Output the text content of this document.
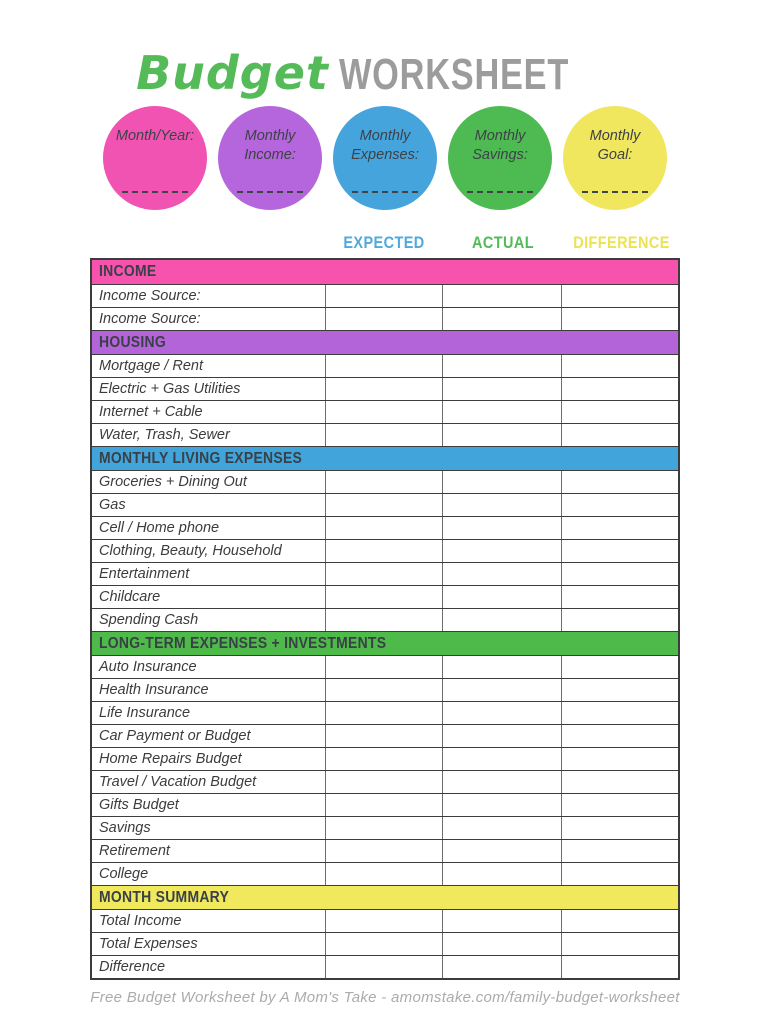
Budget WORKSHEET
Month/Year:	Monthly Income:
Monthly Expenses:
Monthly Savings:
Monthly Goal:
EXPECTED	ACTUAL	DIFFERENCE
INCOME
Income Source:
Income Source:
HOUSING
Mortgage / Rent
Electric + Gas Utilities
Internet + Cable
Water, Trash, Sewer
MONTHLY LIVING EXPENSES
Groceries + Dining Out
Gas
Cell / Home phone
Clothing, Beauty, Household
Entertainment
Childcare
Spending Cash
LONG-TERM EXPENSES + INVESTMENTS
Auto Insurance
Health Insurance
Life Insurance
Car Payment or Budget
Home Repairs Budget
Travel / Vacation Budget
Gifts Budget
Savings
Retirement
College
MONTH SUMMARY
Total Income
Total Expenses
Difference
Free Budget Worksheet by A Mom's Take - amomstake.com/family-budget-worksheet
